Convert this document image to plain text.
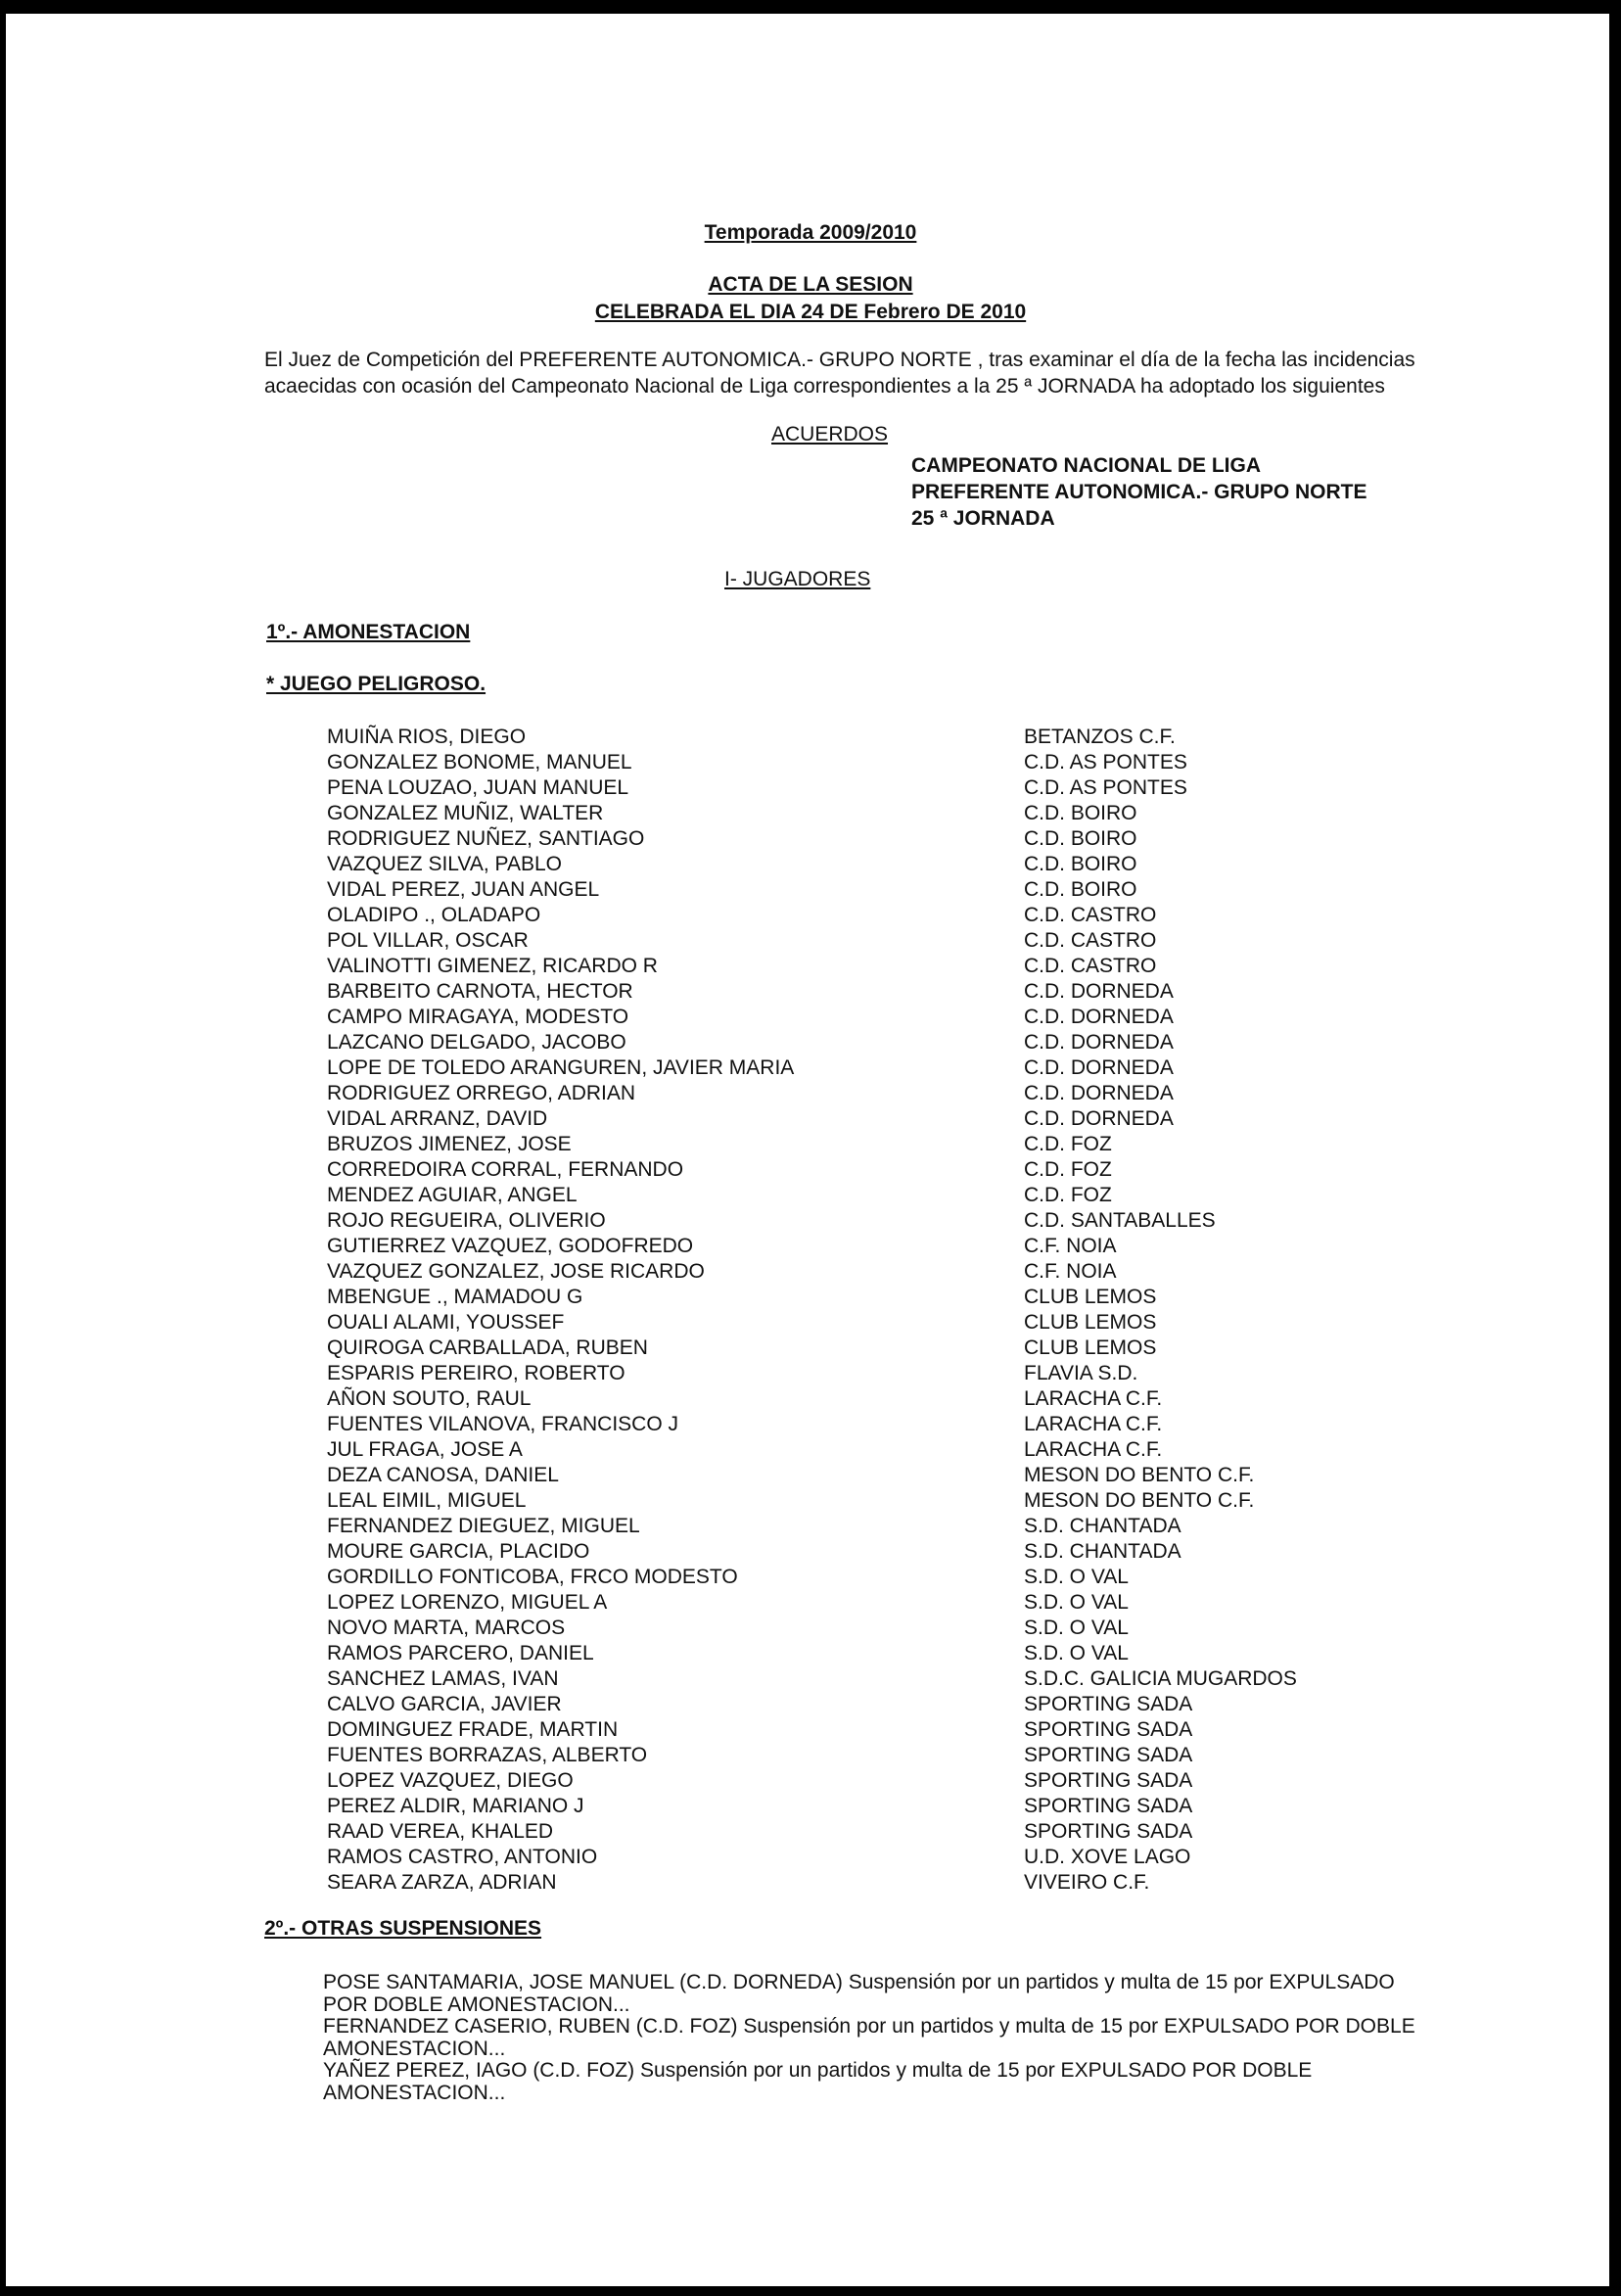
Temporada 2009/2010
ACTA DE LA SESION
CELEBRADA EL DIA 24 DE Febrero DE 2010
El Juez de Competición del PREFERENTE AUTONOMICA.- GRUPO NORTE , tras examinar el día de la fecha las incidencias
acaecidas con ocasión del Campeonato Nacional de Liga correspondientes a la 25 ª JORNADA ha adoptado los siguientes
ACUERDOS
CAMPEONATO NACIONAL DE LIGA
PREFERENTE AUTONOMICA.- GRUPO NORTE
25 ª JORNADA
I- JUGADORES
1º.- AMONESTACION
* JUEGO PELIGROSO.
MUIÑA RIOS, DIEGO	BETANZOS C.F.
GONZALEZ BONOME, MANUEL	C.D. AS PONTES
PENA LOUZAO, JUAN MANUEL	C.D. AS PONTES
GONZALEZ MUÑIZ, WALTER	C.D. BOIRO
RODRIGUEZ NUÑEZ, SANTIAGO	C.D. BOIRO
VAZQUEZ SILVA, PABLO	C.D. BOIRO
VIDAL PEREZ, JUAN ANGEL	C.D. BOIRO
OLADIPO ., OLADAPO	C.D. CASTRO
POL VILLAR, OSCAR	C.D. CASTRO
VALINOTTI GIMENEZ, RICARDO R	C.D. CASTRO
BARBEITO CARNOTA, HECTOR	C.D. DORNEDA
CAMPO MIRAGAYA, MODESTO	C.D. DORNEDA
LAZCANO DELGADO, JACOBO	C.D. DORNEDA
LOPE DE TOLEDO ARANGUREN, JAVIER MARIA	C.D. DORNEDA
RODRIGUEZ ORREGO, ADRIAN	C.D. DORNEDA
VIDAL ARRANZ, DAVID	C.D. DORNEDA
BRUZOS JIMENEZ, JOSE	C.D. FOZ
CORREDOIRA CORRAL, FERNANDO	C.D. FOZ
MENDEZ AGUIAR, ANGEL	C.D. FOZ
ROJO REGUEIRA, OLIVERIO	C.D. SANTABALLES
GUTIERREZ VAZQUEZ, GODOFREDO	C.F. NOIA
VAZQUEZ GONZALEZ, JOSE RICARDO	C.F. NOIA
MBENGUE ., MAMADOU G	CLUB LEMOS
OUALI ALAMI, YOUSSEF	CLUB LEMOS
QUIROGA CARBALLADA, RUBEN	CLUB LEMOS
ESPARIS PEREIRO, ROBERTO	FLAVIA S.D.
AÑON SOUTO, RAUL	LARACHA C.F.
FUENTES VILANOVA, FRANCISCO J	LARACHA C.F.
JUL FRAGA, JOSE A	LARACHA C.F.
DEZA CANOSA, DANIEL	MESON DO BENTO C.F.
LEAL EIMIL, MIGUEL	MESON DO BENTO C.F.
FERNANDEZ DIEGUEZ, MIGUEL	S.D. CHANTADA
MOURE GARCIA, PLACIDO	S.D. CHANTADA
GORDILLO FONTICOBA, FRCO MODESTO	S.D. O VAL
LOPEZ LORENZO, MIGUEL A	S.D. O VAL
NOVO MARTA, MARCOS	S.D. O VAL
RAMOS PARCERO, DANIEL	S.D. O VAL
SANCHEZ LAMAS, IVAN	S.D.C. GALICIA MUGARDOS
CALVO GARCIA, JAVIER	SPORTING SADA
DOMINGUEZ FRADE, MARTIN	SPORTING SADA
FUENTES BORRAZAS, ALBERTO	SPORTING SADA
LOPEZ VAZQUEZ, DIEGO	SPORTING SADA
PEREZ ALDIR, MARIANO J	SPORTING SADA
RAAD VEREA, KHALED	SPORTING SADA
RAMOS CASTRO, ANTONIO	U.D. XOVE LAGO
SEARA ZARZA, ADRIAN	VIVEIRO C.F.
2º.- OTRAS SUSPENSIONES
POSE SANTAMARIA, JOSE MANUEL (C.D. DORNEDA) Suspensión por un partidos y multa de 15 por EXPULSADO
POR DOBLE AMONESTACION...
FERNANDEZ CASERIO, RUBEN (C.D. FOZ) Suspensión por un partidos y multa de 15 por EXPULSADO POR DOBLE
AMONESTACION...
YAÑEZ PEREZ, IAGO (C.D. FOZ) Suspensión por un partidos y multa de 15 por EXPULSADO POR DOBLE
AMONESTACION...
